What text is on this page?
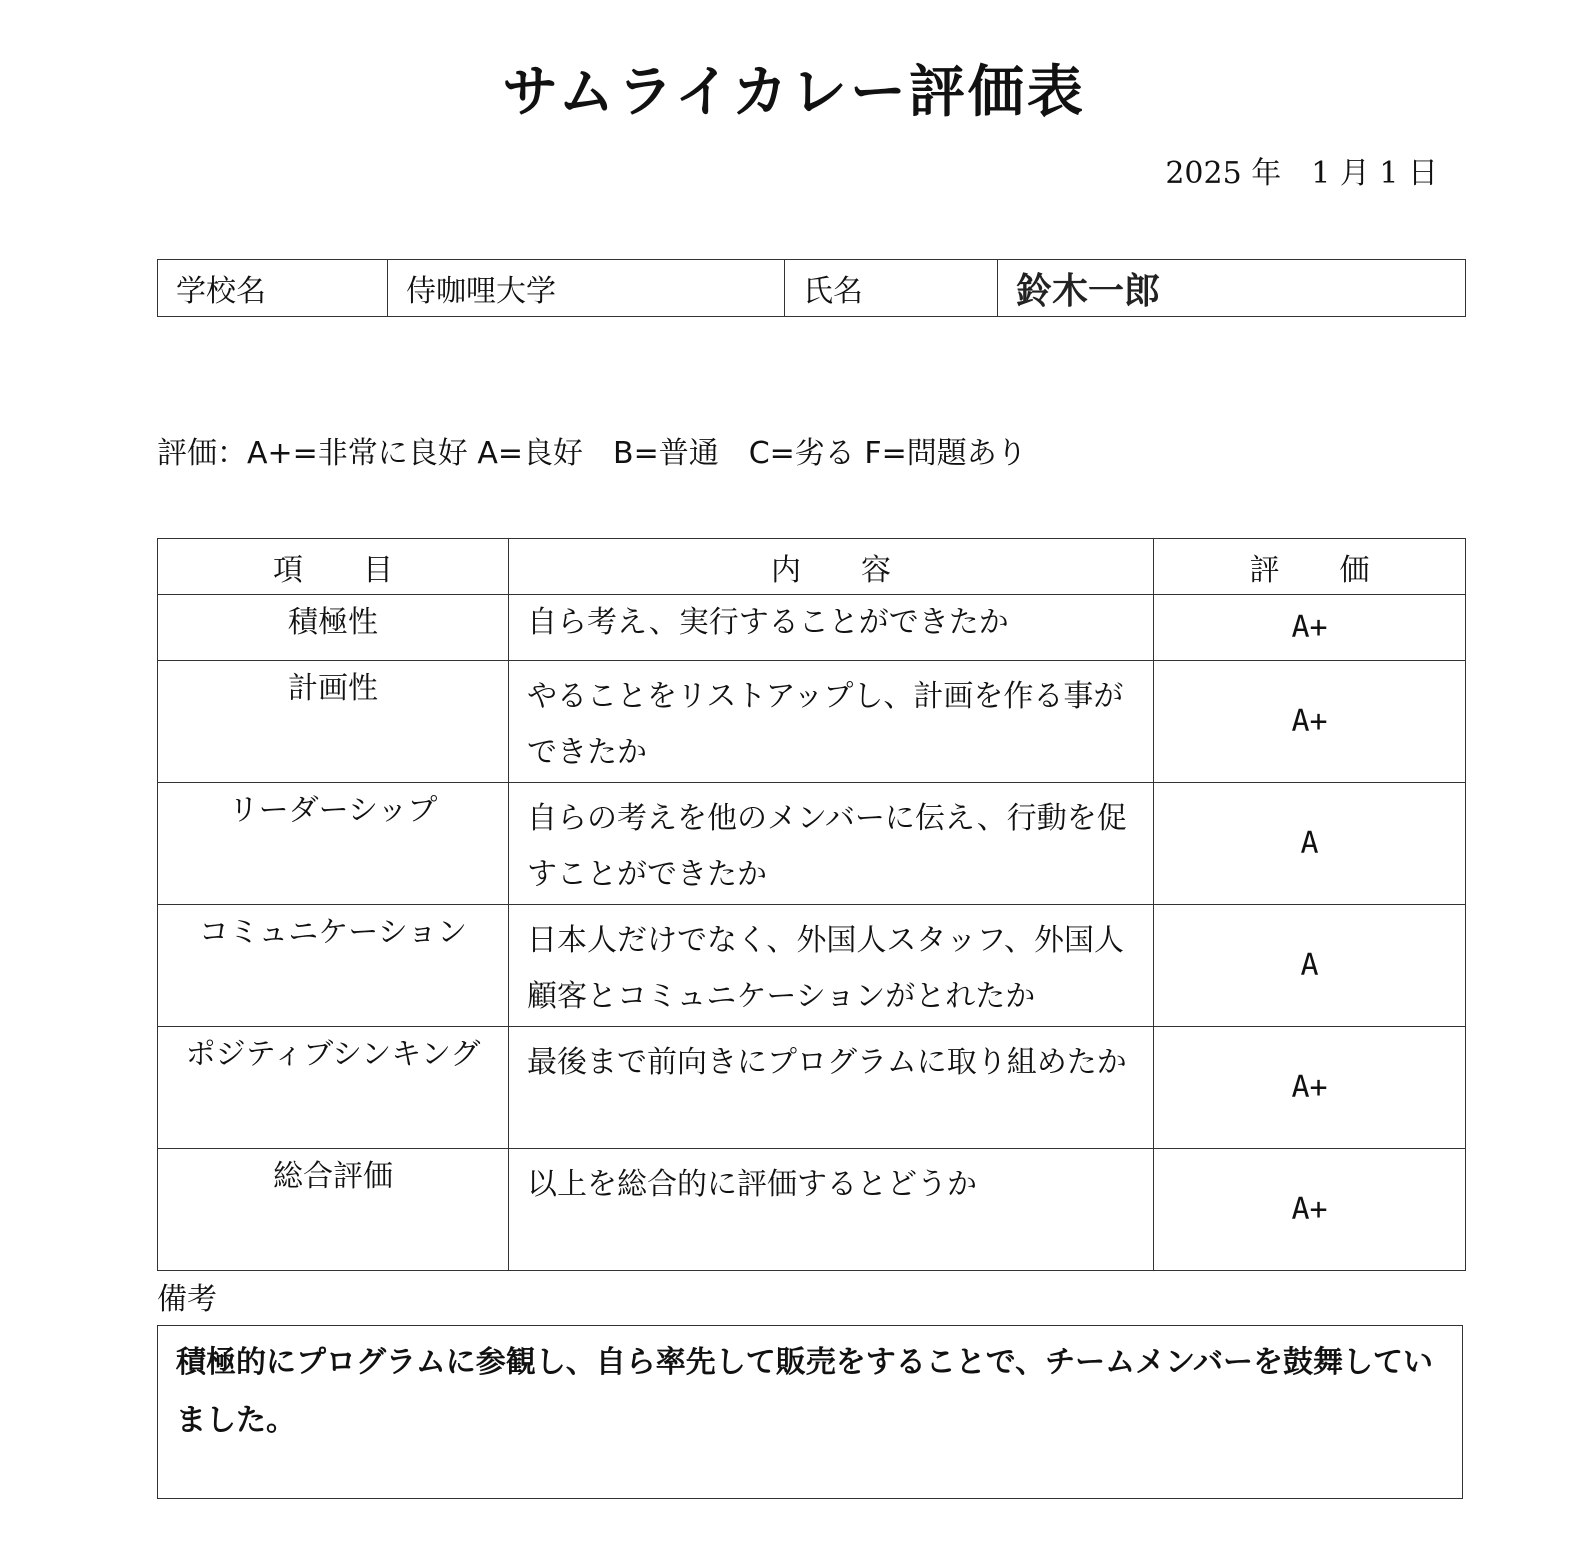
サムライカレー評価表
2025 年　1 月 1 日
学校名	侍咖哩大学	氏名	鈴木一郎
評価：A+=非常に良好 A=良好　B=普通　C=劣る F=問題あり
項　　目	内　　容	評　　価
積極性	自ら考え、実行することができたか	A+
計画性	やることをリストアップし、計画を作る事ができたか	A+
リーダーシップ	自らの考えを他のメンバーに伝え、行動を促すことができたか	A
コミュニケーション	日本人だけでなく、外国人スタッフ、外国人顧客とコミュニケーションがとれたか	A
ポジティブシンキング	最後まで前向きにプログラムに取り組めたか	A+
総合評価	以上を総合的に評価するとどうか	A+
備考
積極的にプログラムに参観し、自ら率先して販売をすることで、チームメンバーを鼓舞していました。
